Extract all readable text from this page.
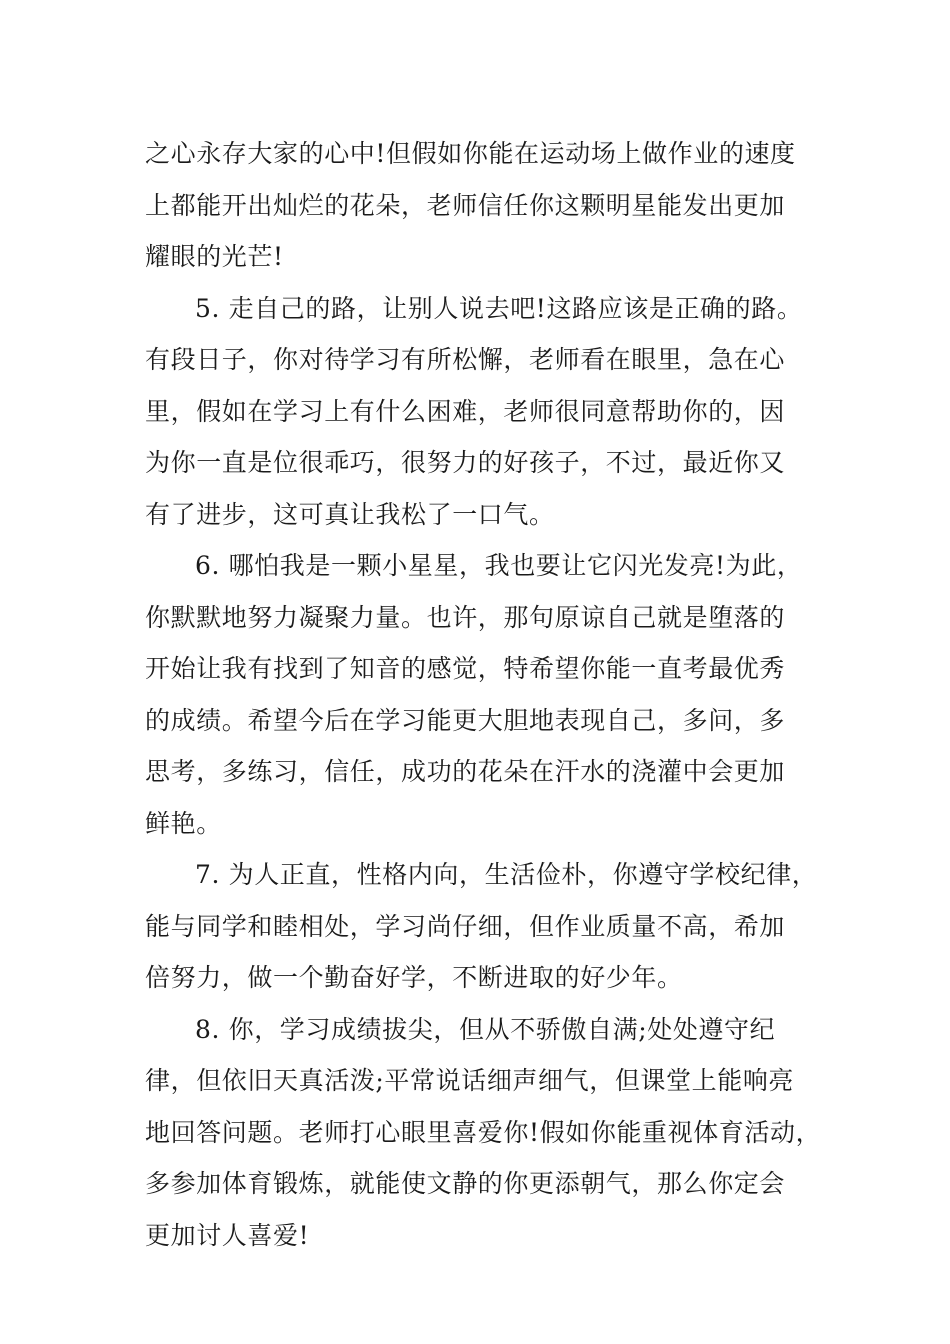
之心永存大家的心中!但假如你能在运动场上做作业的速度
上都能开出灿烂的花朵，老师信任你这颗明星能发出更加
耀眼的光芒!
5. 走自己的路，让别人说去吧!这路应该是正确的路。
有段日子，你对待学习有所松懈，老师看在眼里，急在心
里，假如在学习上有什么困难，老师很同意帮助你的，因
为你一直是位很乖巧，很努力的好孩子，不过，最近你又
有了进步，这可真让我松了一口气。
6. 哪怕我是一颗小星星，我也要让它闪光发亮!为此，
你默默地努力凝聚力量。也许，那句原谅自己就是堕落的
开始让我有找到了知音的感觉，特希望你能一直考最优秀
的成绩。希望今后在学习能更大胆地表现自己，多问，多
思考，多练习，信任，成功的花朵在汗水的浇灌中会更加
鲜艳。
7. 为人正直，性格内向，生活俭朴，你遵守学校纪律，
能与同学和睦相处，学习尚仔细，但作业质量不高，希加
倍努力，做一个勤奋好学，不断进取的好少年。
8. 你，学习成绩拔尖，但从不骄傲自满;处处遵守纪
律，但依旧天真活泼;平常说话细声细气，但课堂上能响亮
地回答问题。老师打心眼里喜爱你!假如你能重视体育活动，
多参加体育锻炼，就能使文静的你更添朝气，那么你定会
更加讨人喜爱!
